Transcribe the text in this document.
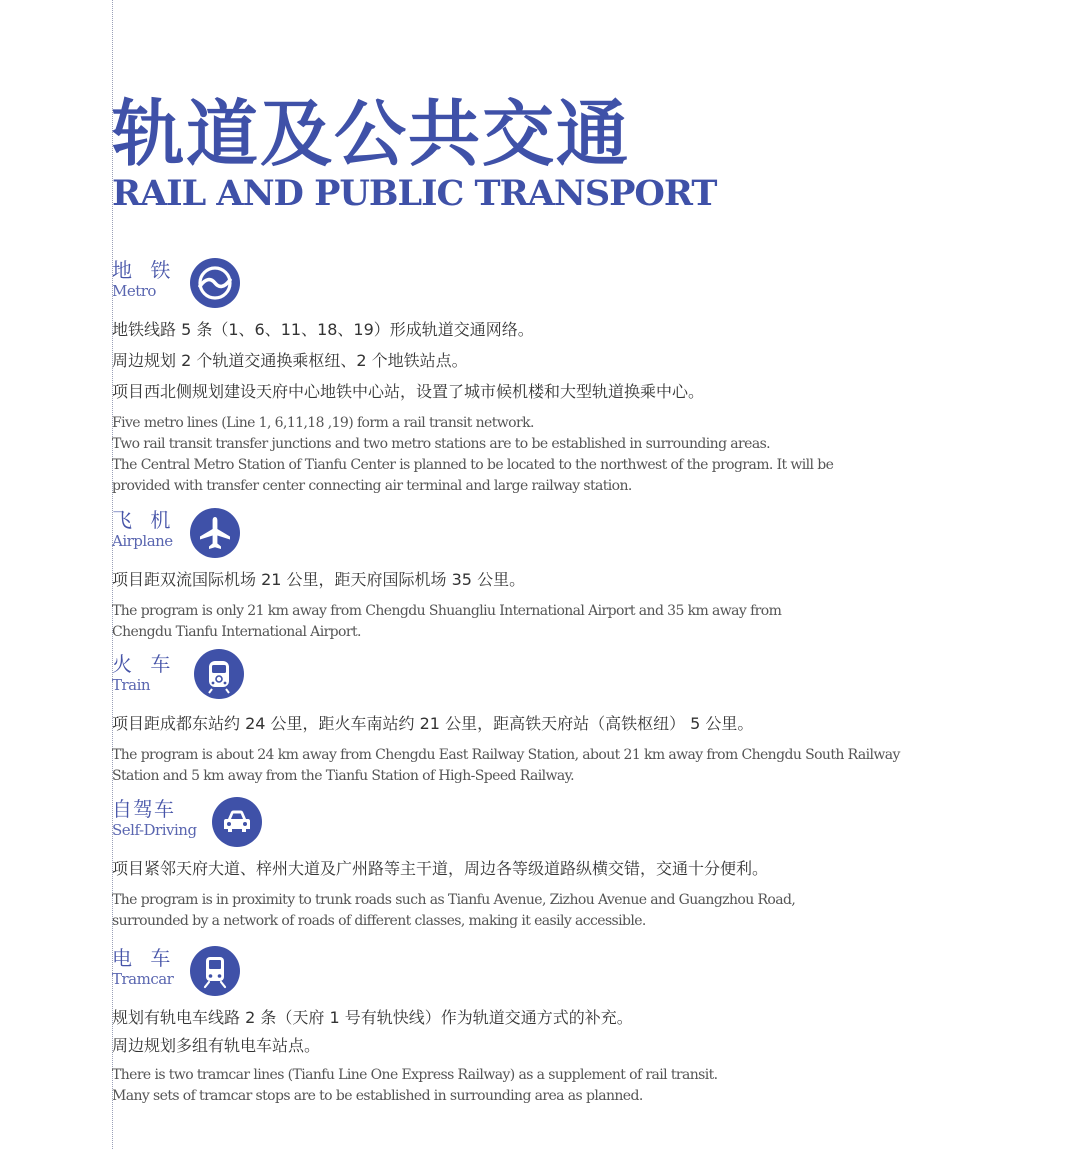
轨道及公共交通
RAIL AND PUBLIC TRANSPORT
地 铁
Metro

地铁线路 5 条（1、6、11、18、19）形成轨道交通网络。

周边规划 2 个轨道交通换乘枢纽、2 个地铁站点。

项目西北侧规划建设天府中心地铁中心站，设置了城市候机楼和大型轨道换乘中心。

Five metro lines (Line 1, 6,11,18 ,19) form a rail transit network.

Two rail transit transfer junctions and two metro stations are to be established in surrounding areas.

The Central Metro Station of Tianfu Center is planned to be located to the northwest of the program. It will be

provided with transfer center connecting air terminal and large railway station.

飞 机
Airplane

项目距双流国际机场 21 公里，距天府国际机场 35 公里。

The program is only 21 km away from Chengdu Shuangliu International Airport and 35 km away from

Chengdu Tianfu International Airport.

火 车
Train

项目距成都东站约 24 公里，距火车南站约 21 公里，距高铁天府站（高铁枢纽） 5 公里。

The program is about 24 km away from Chengdu East Railway Station, about 21 km away from Chengdu South Railway

Station and 5 km away from the Tianfu Station of High-Speed Railway.

自驾车
Self-Driving

项目紧邻天府大道、梓州大道及广州路等主干道，周边各等级道路纵横交错，交通十分便利。

The program is in proximity to trunk roads such as Tianfu Avenue, Zizhou Avenue and Guangzhou Road,

surrounded by a network of roads of different classes, making it easily accessible.

电 车
Tramcar

规划有轨电车线路 2 条（天府 1 号有轨快线）作为轨道交通方式的补充。

周边规划多组有轨电车站点。

There is two tramcar lines (Tianfu Line One Express Railway) as a supplement of rail transit.

Many sets of tramcar stops are to be established in surrounding area as planned.
